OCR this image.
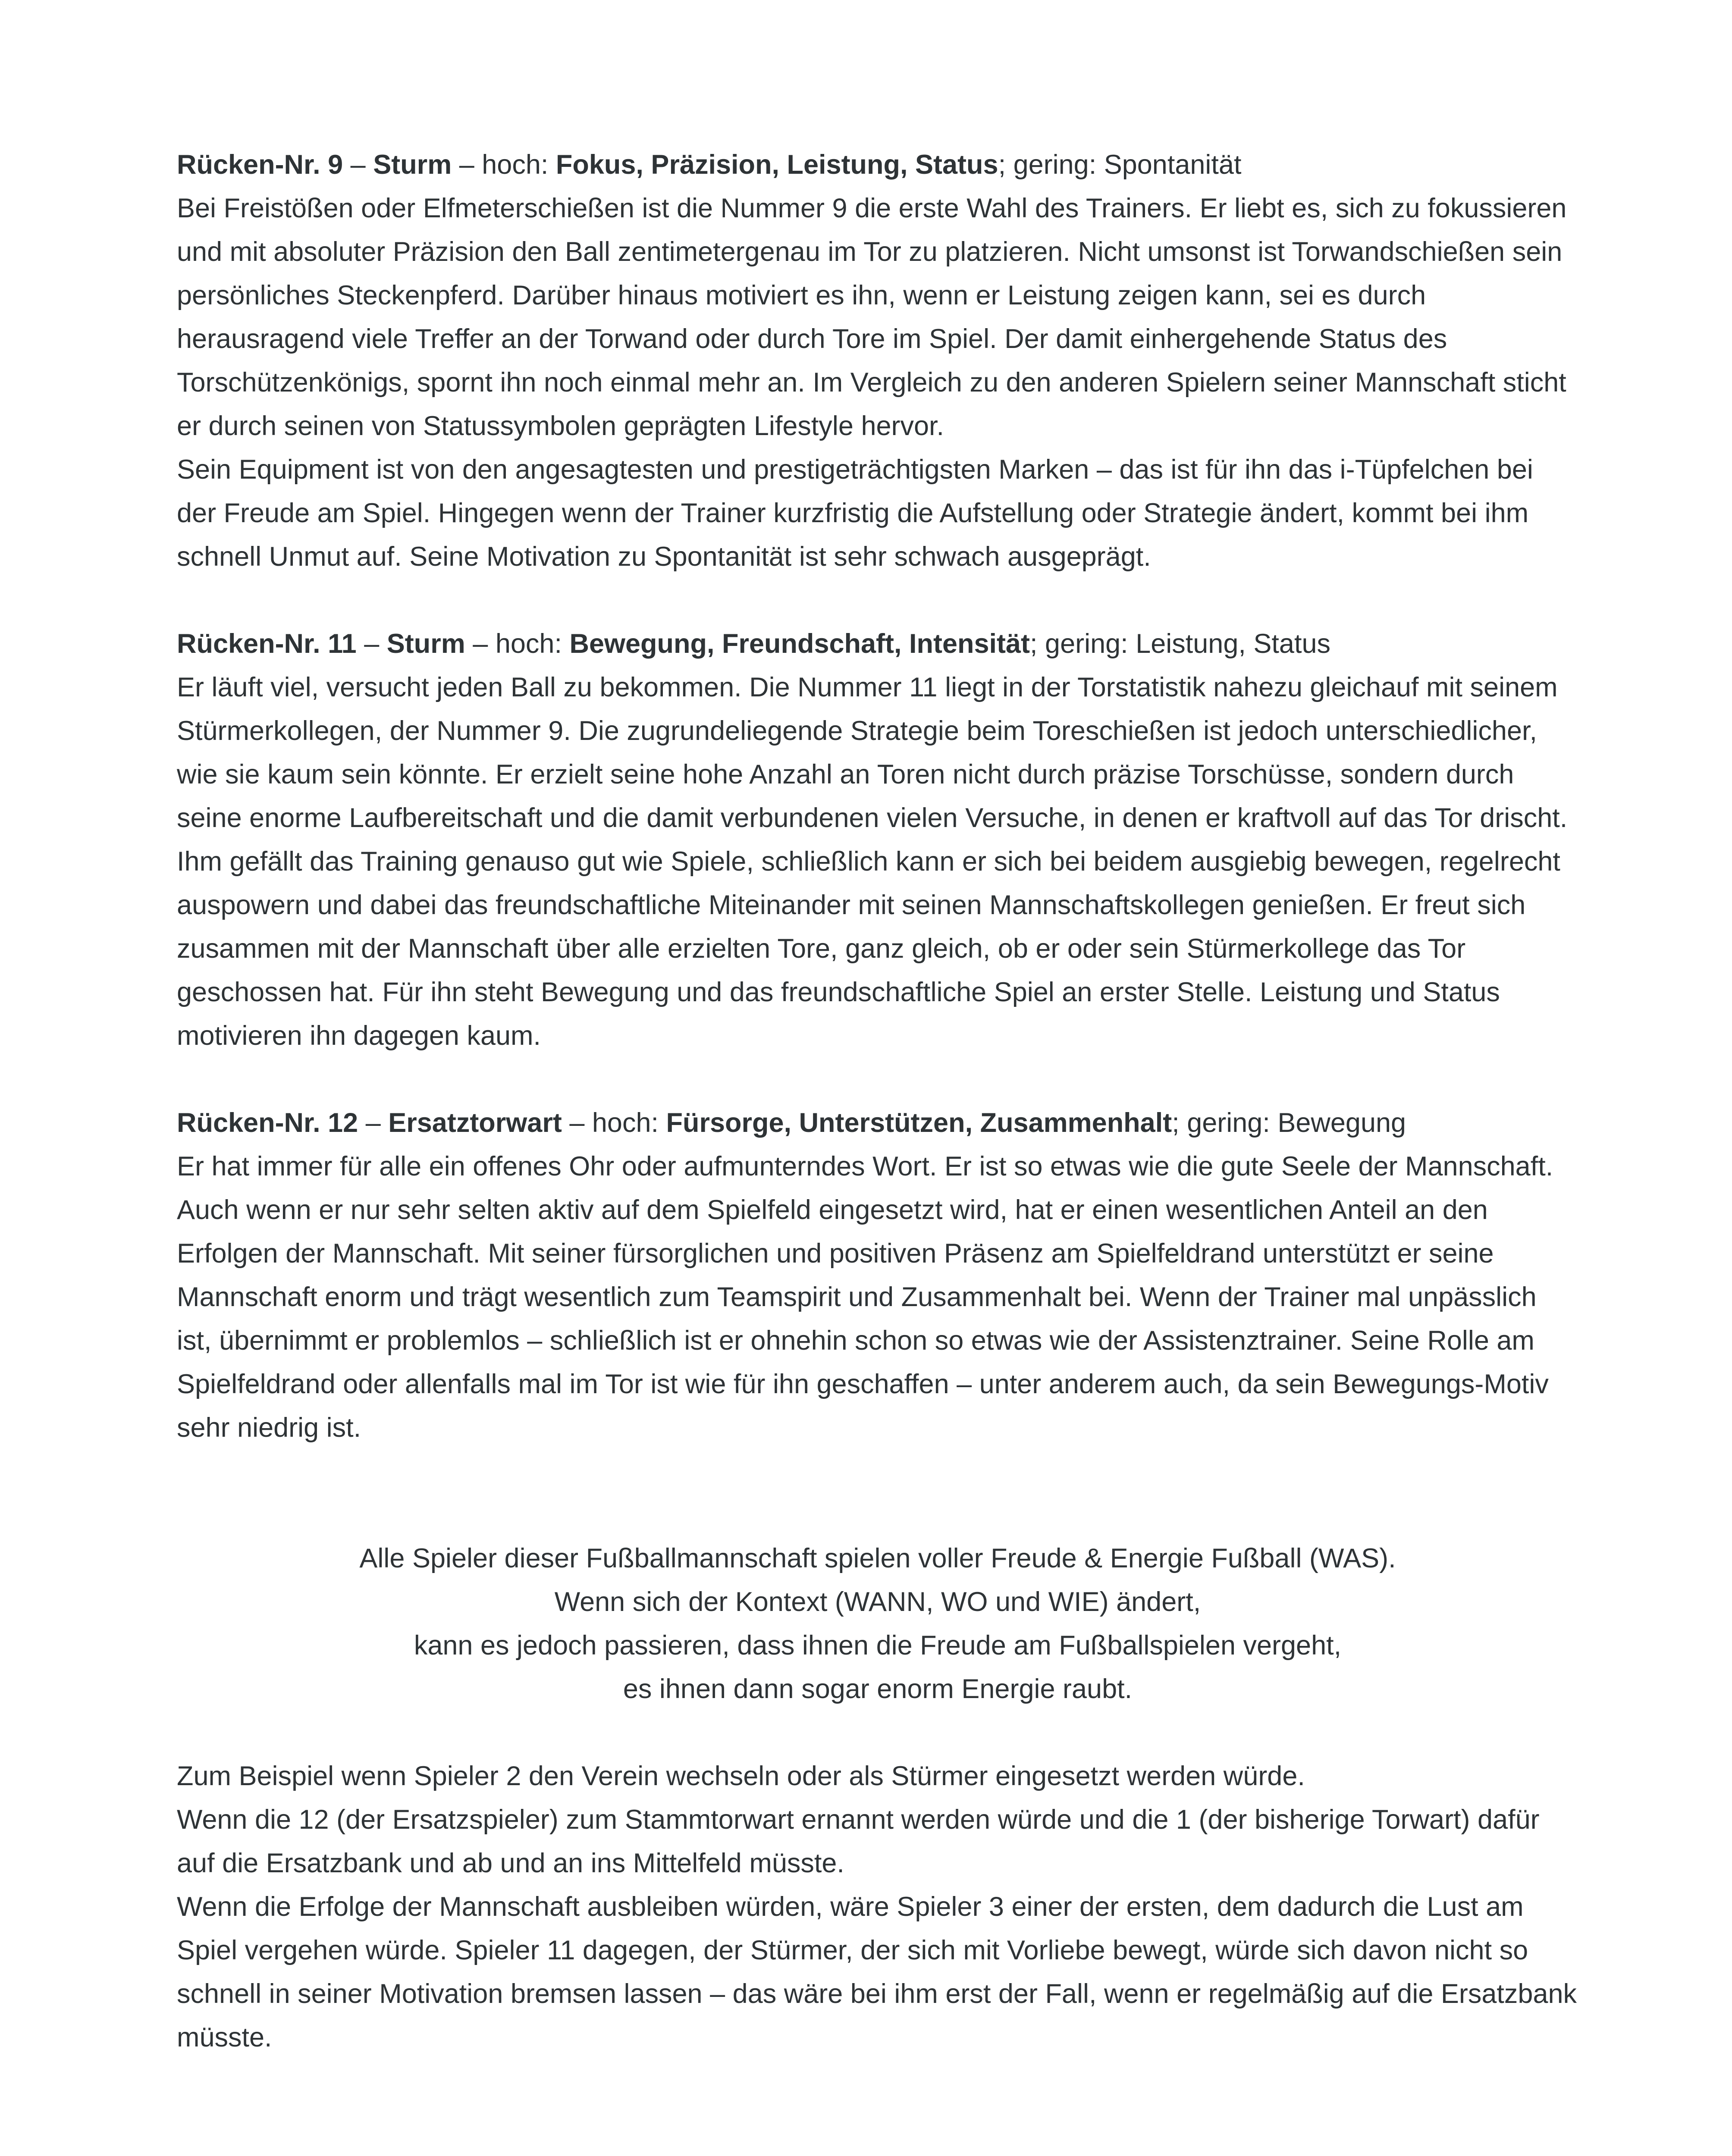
Rücken-Nr. 9 – Sturm – hoch: Fokus, Präzision, Leistung, Status; gering: Spontanität

Bei Freistößen oder Elfmeterschießen ist die Nummer 9 die erste Wahl des Trainers. Er liebt es, sich zu fokussieren und mit absoluter Präzision den Ball zentimetergenau im Tor zu platzieren. Nicht umsonst ist Torwandschießen sein persönliches Steckenpferd. Darüber hinaus motiviert es ihn, wenn er Leistung zeigen kann, sei es durch herausragend viele Treffer an der Torwand oder durch Tore im Spiel. Der damit einhergehende Status des Torschützenkönigs, spornt ihn noch einmal mehr an. Im Vergleich zu den anderen Spielern seiner Mannschaft sticht er durch seinen von Statussymbolen geprägten Lifestyle hervor.

Sein Equipment ist von den angesagtesten und prestigeträchtigsten Marken – das ist für ihn das i-Tüpfelchen bei der Freude am Spiel. Hingegen wenn der Trainer kurzfristig die Aufstellung oder Strategie ändert, kommt bei ihm schnell Unmut auf. Seine Motivation zu Spontanität ist sehr schwach ausgeprägt.

Rücken-Nr. 11 – Sturm – hoch: Bewegung, Freundschaft, Intensität; gering: Leistung, Status

Er läuft viel, versucht jeden Ball zu bekommen. Die Nummer 11 liegt in der Torstatistik nahezu gleichauf mit seinem Stürmerkollegen, der Nummer 9. Die zugrundeliegende Strategie beim Toreschießen ist jedoch unterschiedlicher, wie sie kaum sein könnte. Er erzielt seine hohe Anzahl an Toren nicht durch präzise Torschüsse, sondern durch seine enorme Laufbereitschaft und die damit verbundenen vielen Versuche, in denen er kraftvoll auf das Tor drischt. Ihm gefällt das Training genauso gut wie Spiele, schließlich kann er sich bei beidem ausgiebig bewegen, regelrecht auspowern und dabei das freundschaftliche Miteinander mit seinen Mannschaftskollegen genießen. Er freut sich zusammen mit der Mannschaft über alle erzielten Tore, ganz gleich, ob er oder sein Stürmerkollege das Tor geschossen hat. Für ihn steht Bewegung und das freundschaftliche Spiel an erster Stelle. Leistung und Status motivieren ihn dagegen kaum.

Rücken-Nr. 12 – Ersatztorwart – hoch: Fürsorge, Unterstützen, Zusammenhalt; gering: Bewegung

Er hat immer für alle ein offenes Ohr oder aufmunterndes Wort. Er ist so etwas wie die gute Seele der Mannschaft. Auch wenn er nur sehr selten aktiv auf dem Spielfeld eingesetzt wird, hat er einen wesentlichen Anteil an den Erfolgen der Mannschaft. Mit seiner fürsorglichen und positiven Präsenz am Spielfeldrand unterstützt er seine Mannschaft enorm und trägt wesentlich zum Teamspirit und Zusammenhalt bei. Wenn der Trainer mal unpässlich ist, übernimmt er problemlos – schließlich ist er ohnehin schon so etwas wie der Assistenztrainer. Seine Rolle am Spielfeldrand oder allenfalls mal im Tor ist wie für ihn geschaffen – unter anderem auch, da sein Bewegungs-Motiv sehr niedrig ist.

Alle Spieler dieser Fußballmannschaft spielen voller Freude & Energie Fußball (WAS).

Wenn sich der Kontext (WANN, WO und WIE) ändert,

kann es jedoch passieren, dass ihnen die Freude am Fußballspielen vergeht,

es ihnen dann sogar enorm Energie raubt.

Zum Beispiel wenn Spieler 2 den Verein wechseln oder als Stürmer eingesetzt werden würde.

Wenn die 12 (der Ersatzspieler) zum Stammtorwart ernannt werden würde und die 1 (der bisherige Torwart) dafür auf die Ersatzbank und ab und an ins Mittelfeld müsste.

Wenn die Erfolge der Mannschaft ausbleiben würden, wäre Spieler 3 einer der ersten, dem dadurch die Lust am Spiel vergehen würde. Spieler 11 dagegen, der Stürmer, der sich mit Vorliebe bewegt, würde sich davon nicht so schnell in seiner Motivation bremsen lassen – das wäre bei ihm erst der Fall, wenn er regelmäßig auf die Ersatzbank müsste.
